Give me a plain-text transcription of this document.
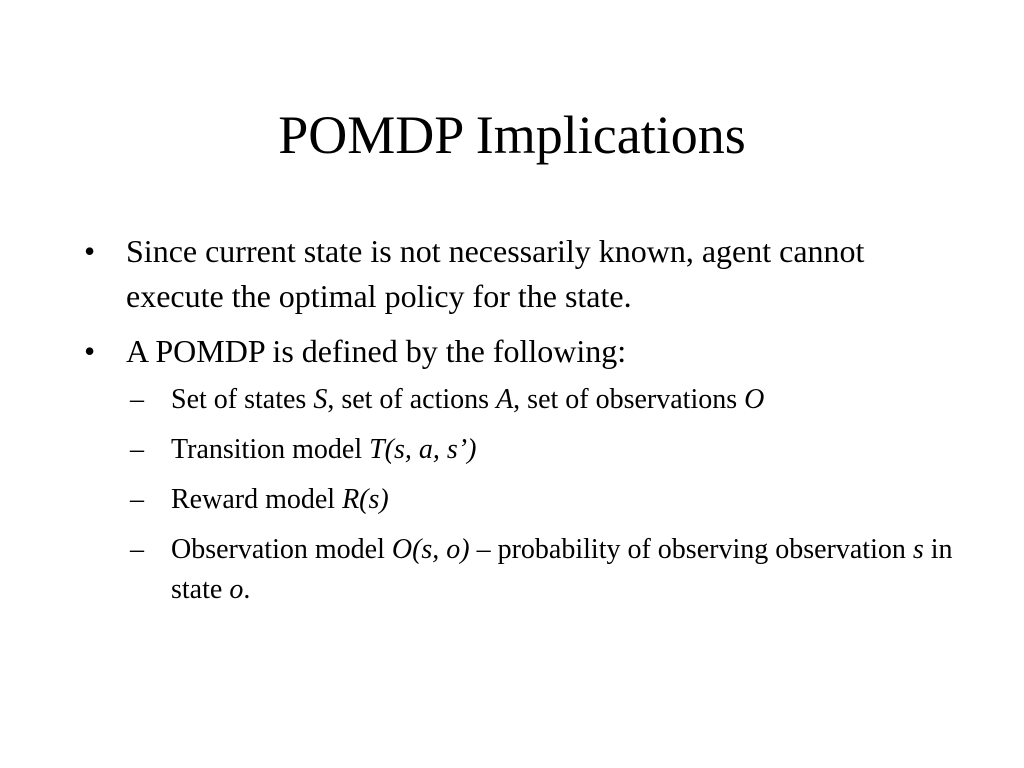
POMDP Implications
• Since current state is not necessarily known, agent cannot execute the optimal policy for the state.
• A POMDP is defined by the following:
– Set of states S, set of actions A, set of observations O
– Transition model T(s, a, s’)
– Reward model R(s)
– Observation model O(s, o) – probability of observing observation s in state o.
